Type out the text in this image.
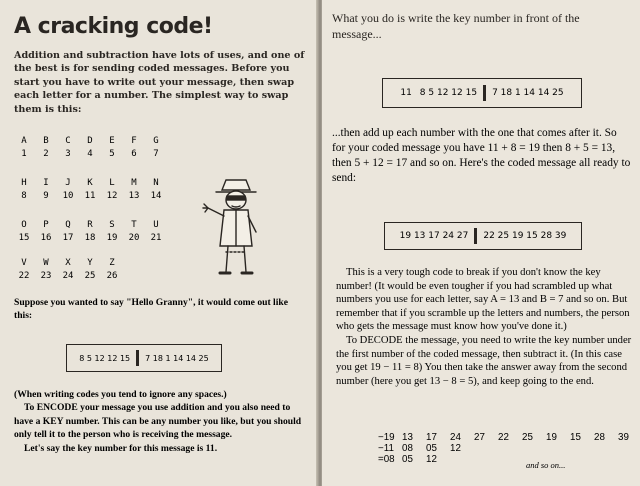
A cracking code!

Addition and subtraction have lots of uses, and one of the best is for sending coded messages. Before you start you have to write out your message, then swap each letter for a number. The simplest way to swap them is this:

A
1
B
2
C
3
D
4
E
5
F
6
G
7
H
8
I
9
J
10
K
11
L
12
M
13
N
14
O
15
P
16
Q
17
R
18
S
19
T
20
U
21
V
22
W
23
X
24
Y
25
Z
26

Suppose you wanted to say "Hello Granny", it would come out like this:

8 5 12 12 15 7 18 1 14 14 25

(When writing codes you tend to ignore any spaces.)

To ENCODE your message you use addition and you also need to have a KEY number. This can be any number you like, but you should only tell it to the person who is receiving the message.

Let's say the key number for this message is 11.

What you do is write the key number in front of the message...

11 8 5 12 12 15 7 18 1 14 14 25

...then add up each number with the one that comes after it. So for your coded message you have 11 + 8 = 19 then 8 + 5 = 13, then 5 + 12 = 17 and so on. Here's the coded message all ready to send:

19 13 17 24 27 22 25 19 15 28 39

This is a very tough code to break if you don't know the key number! (It would be even tougher if you had scrambled up what numbers you use for each letter, say A = 13 and B = 7 and so on. But remember that if you scramble up the letters and numbers, the person who gets the message must know how you've done it.)

To DECODE the message, you need to write the key number under the first number of the coded message, then subtract it. (In this case you get 19 − 11 = 8) You then take the answer away from the second number (here you get 13 − 8 = 5), and keep going to the end.

−19 13 17 24 27 22 25 19 15 28 39
−11 08 05 12
=08 05 12	and so on...
